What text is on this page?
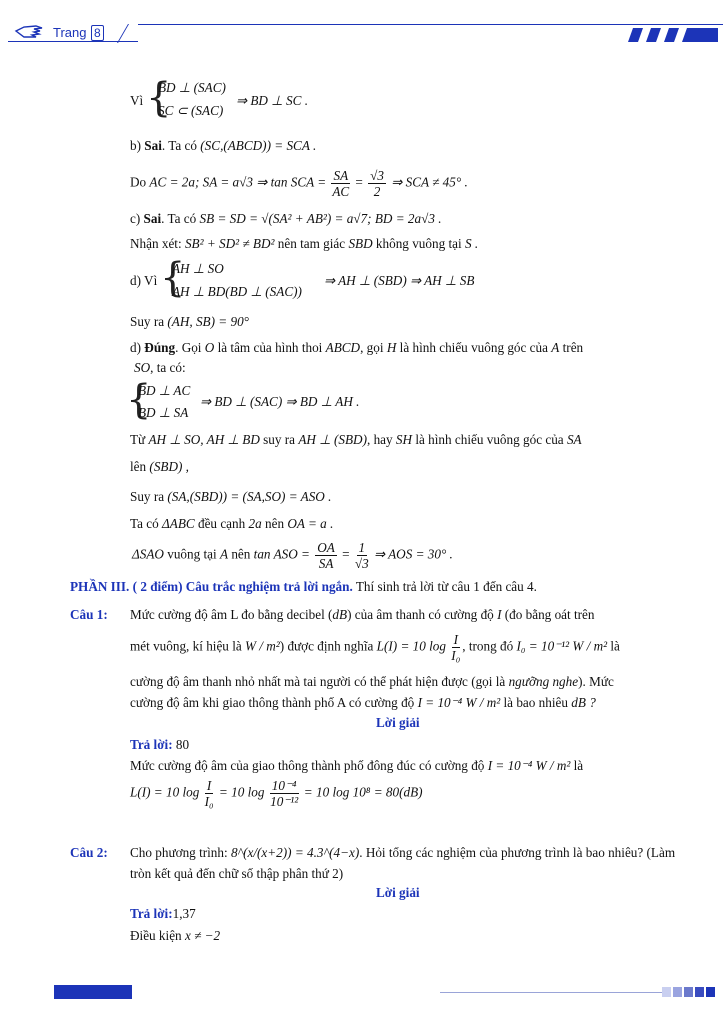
Trang 8
Vì {
BD ⊥ (SAC)
SC ⊂ (SAC)
⇒ BD ⊥ SC .
b) Sai. Ta có (SC,(ABCD)) = SCA .
Do AC = 2a; SA = a√3 ⇒ tan SCA = $\frac{SA}{AC} = \frac{√3}{2}$ ⇒ SCA ≠ 45° .
c) Sai. Ta có SB = SD = √(SA² + AB²) = a√7; BD = 2a√3 .
Nhận xét: SB² + SD² ≠ BD² nên tam giác SBD không vuông tại S .
d) Vì {
AH ⊥ SO
AH ⊥ BD(BD ⊥ (SAC))
⇒ AH ⊥ (SBD) ⇒ AH ⊥ SB
Suy ra (AH, SB) = 90°
d) Đúng. Gọi O là tâm của hình thoi ABCD, gọi H là hình chiếu vuông góc của A trên
SO, ta có:
{
BD ⊥ AC
BD ⊥ SA
⇒ BD ⊥ (SAC) ⇒ BD ⊥ AH .
Từ AH ⊥ SO, AH ⊥ BD suy ra AH ⊥ (SBD), hay SH là hình chiếu vuông góc của SA
lên (SBD) ,
Suy ra (SA,(SBD)) = (SA,SO) = ASO .
Ta có ΔABC đều cạnh 2a nên OA = a .
ΔSAO vuông tại A nên tan ASO = $\frac{OA}{SA} = \frac{1}{√3}$ ⇒ AOS = 30° .
PHẦN III. ( 2 điểm) Câu trắc nghiệm trả lời ngắn. Thí sinh trả lời từ câu 1 đến câu 4.
Câu 1: Mức cường độ âm L đo bằng decibel (dB) của âm thanh có cường độ I (đo bằng oát trên
mét vuông, kí hiệu là W / m²) được định nghĩa L(I) = 10 $\log \frac{I}{\text{I₀}}$ , trong đó I₀ = 10⁻¹² W / m² là
cường độ âm thanh nhỏ nhất mà tai người có thể phát hiện được (gọi là ngưỡng nghe). Mức
cường độ âm khi giao thông thành phố A có cường độ I = 10⁻⁴ W / m² là bao nhiêu dB ?
Lời giải
Trả lời: 80
Mức cường độ âm của giao thông thành phố đông đúc có cường độ I = 10⁻⁴ W / m² là
L(I) = 10 $\log \frac{I}{\text{I₀}} = 10$ $\log \frac{\text{10⁻⁴}}{\text{10⁻¹²}} = 10$ log 10⁸ = 80(dB)
Câu 2: Cho phương trình: 8^(x/(x+2)) = 4.3^(4−x). Hỏi tổng các nghiệm của phương trình là bao nhiêu? (Làm
tròn kết quả đến chữ số thập phân thứ 2)
Lời giải
Trả lời:1,37
Điều kiện x ≠ −2
